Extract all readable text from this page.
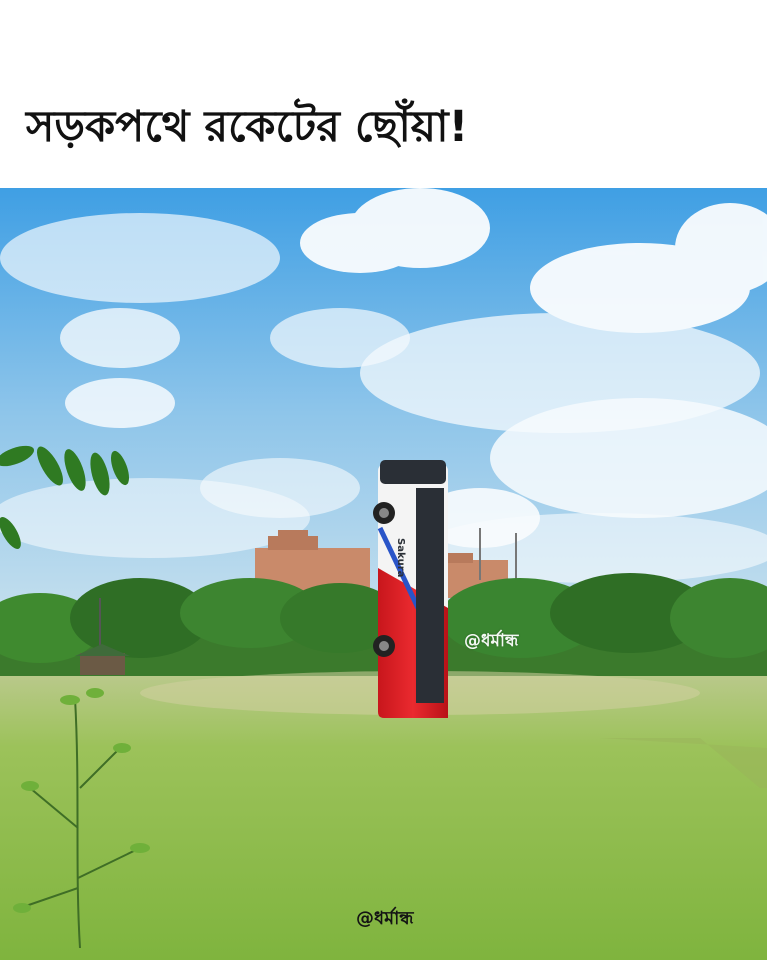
সড়কপথে রকেটের ছোঁয়া!
Sakura
@ধর্মান্ধ
@ধর্মান্ধ
